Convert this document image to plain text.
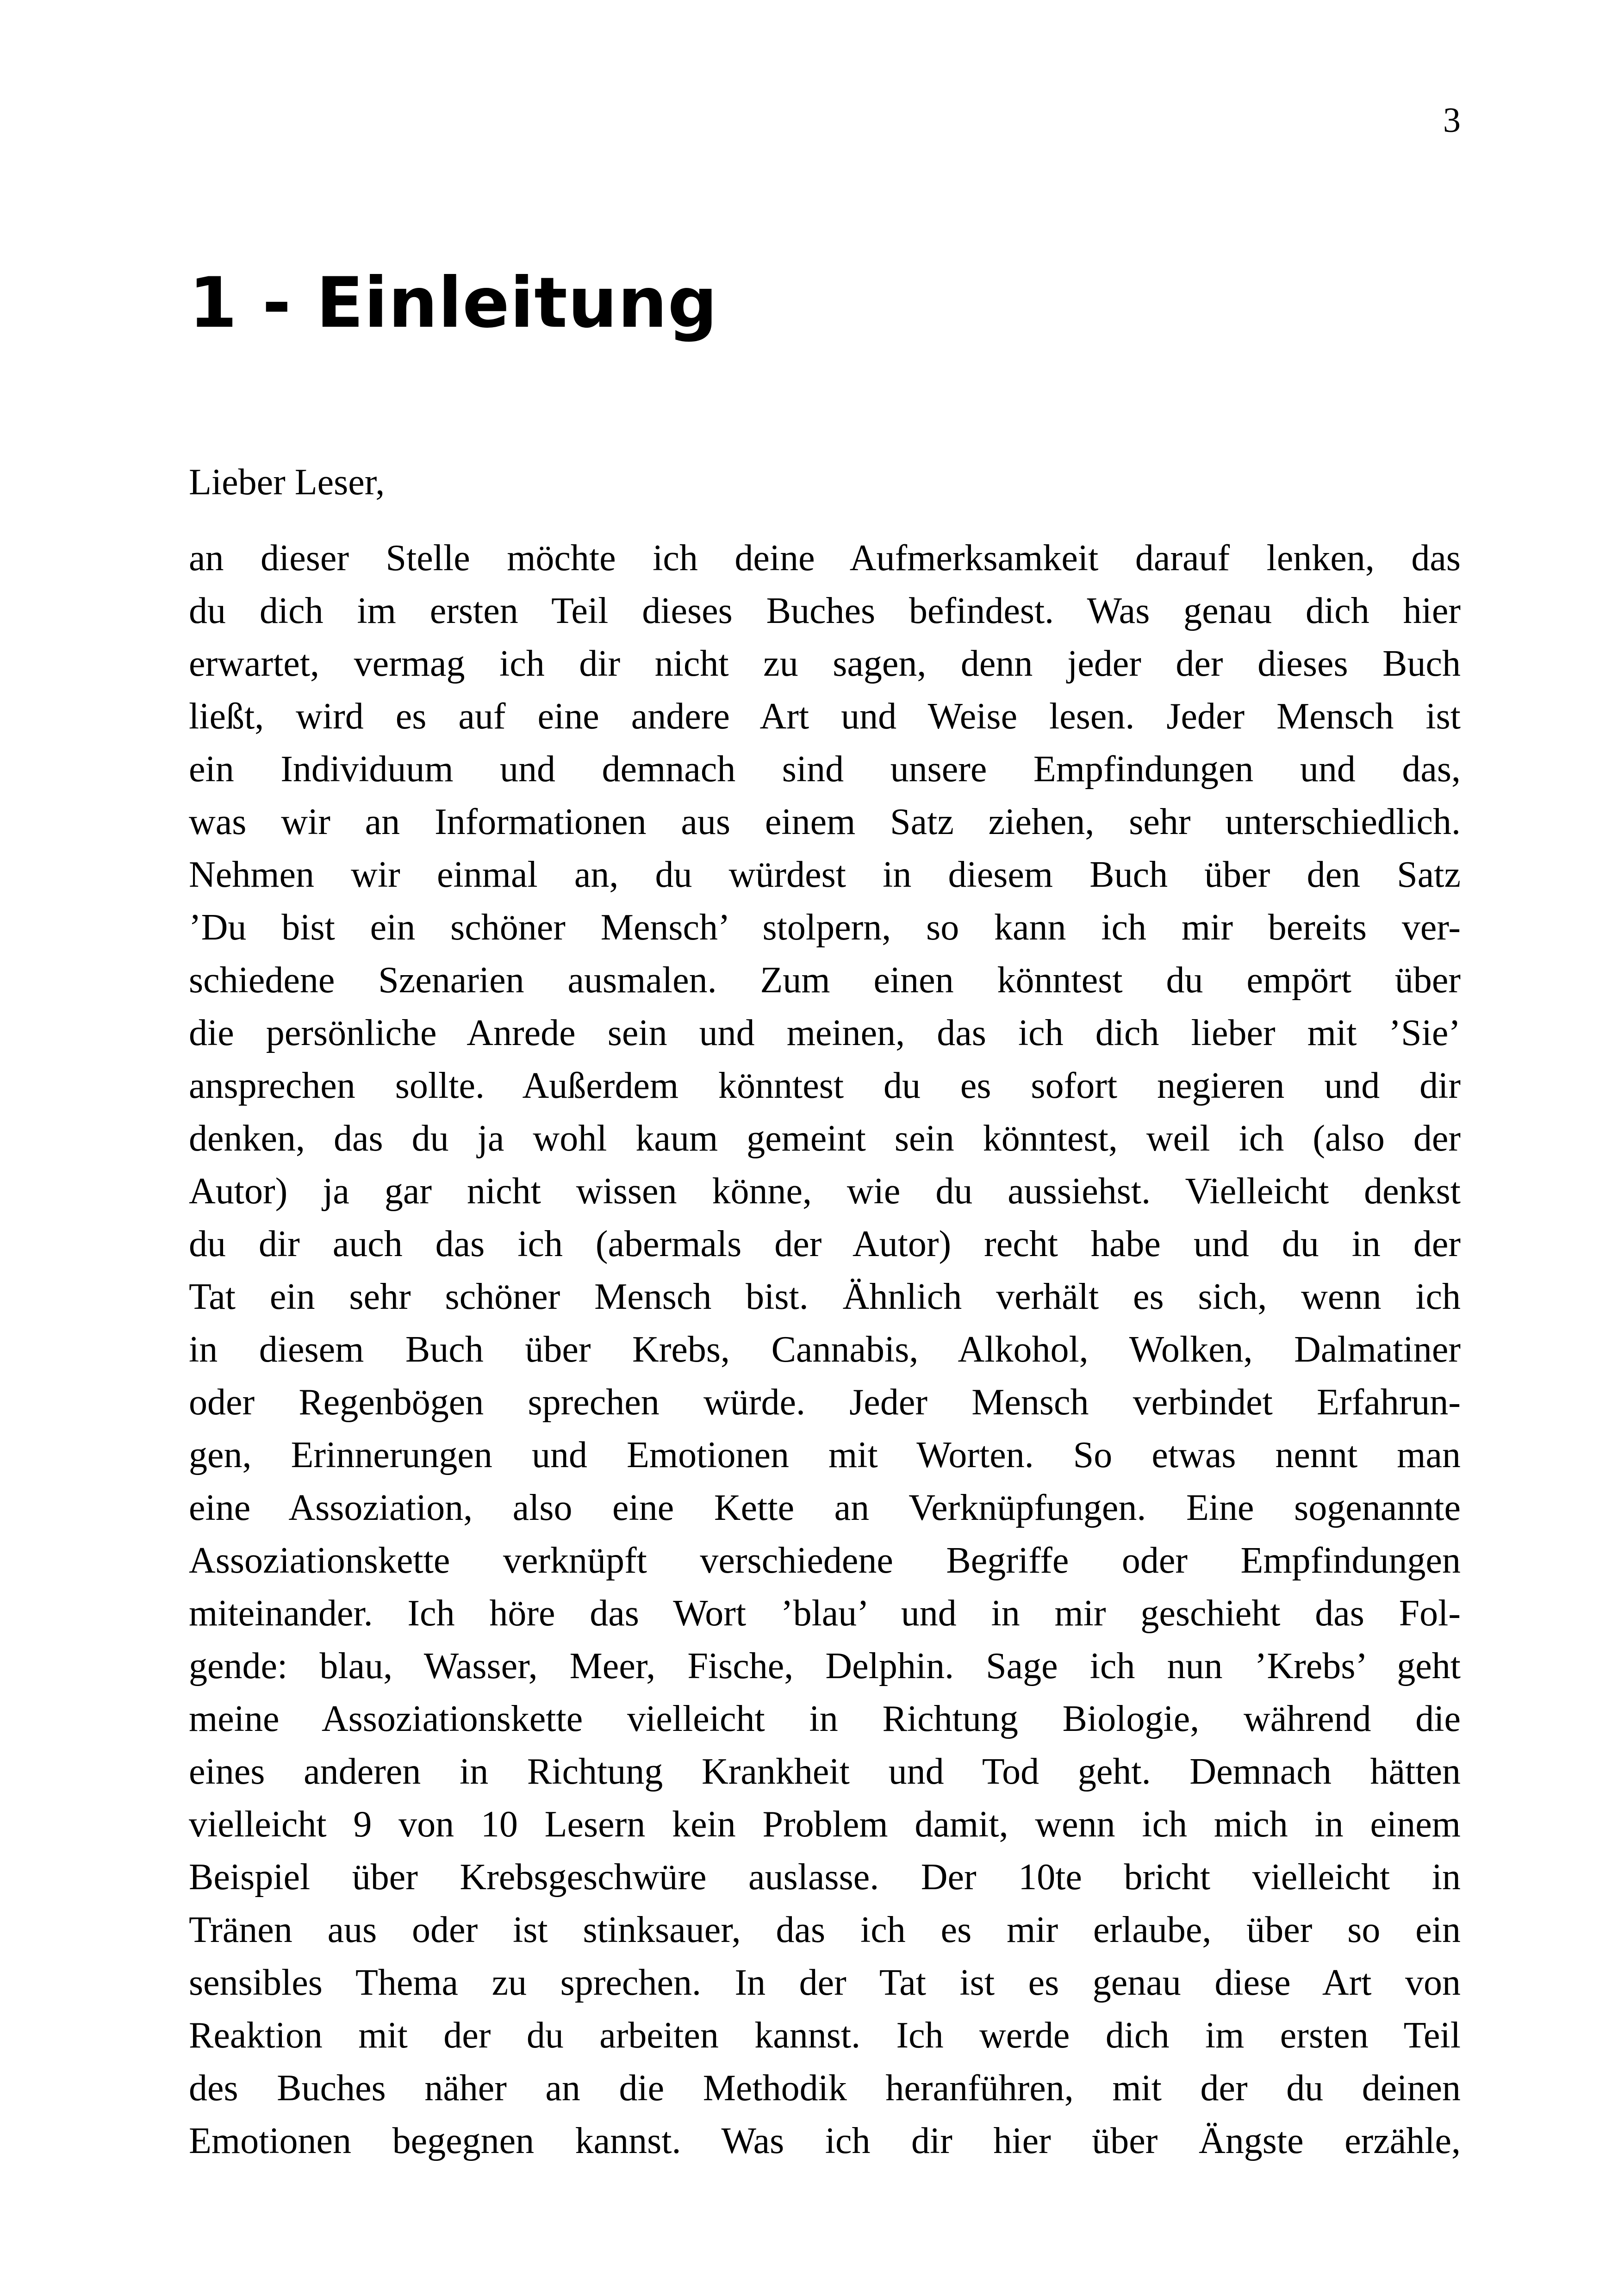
3
1 - Einleitung
Lieber Leser,
an dieser Stelle möchte ich deine Aufmerksamkeit darauf lenken, das
du dich im ersten Teil dieses Buches befindest. Was genau dich hier
erwartet, vermag ich dir nicht zu sagen, denn jeder der dieses Buch
ließt, wird es auf eine andere Art und Weise lesen. Jeder Mensch ist
ein Individuum und demnach sind unsere Empfindungen und das,
was wir an Informationen aus einem Satz ziehen, sehr unterschiedlich.
Nehmen wir einmal an, du würdest in diesem Buch über den Satz
’Du bist ein schöner Mensch’ stolpern, so kann ich mir bereits ver-
schiedene Szenarien ausmalen. Zum einen könntest du empört über
die persönliche Anrede sein und meinen, das ich dich lieber mit ’Sie’
ansprechen sollte. Außerdem könntest du es sofort negieren und dir
denken, das du ja wohl kaum gemeint sein könntest, weil ich (also der
Autor) ja gar nicht wissen könne, wie du aussiehst. Vielleicht denkst
du dir auch das ich (abermals der Autor) recht habe und du in der
Tat ein sehr schöner Mensch bist. Ähnlich verhält es sich, wenn ich
in diesem Buch über Krebs, Cannabis, Alkohol, Wolken, Dalmatiner
oder Regenbögen sprechen würde. Jeder Mensch verbindet Erfahrun-
gen, Erinnerungen und Emotionen mit Worten. So etwas nennt man
eine Assoziation, also eine Kette an Verknüpfungen. Eine sogenannte
Assoziationskette verknüpft verschiedene Begriffe oder Empfindungen
miteinander. Ich höre das Wort ’blau’ und in mir geschieht das Fol-
gende: blau, Wasser, Meer, Fische, Delphin. Sage ich nun ’Krebs’ geht
meine Assoziationskette vielleicht in Richtung Biologie, während die
eines anderen in Richtung Krankheit und Tod geht. Demnach hätten
vielleicht 9 von 10 Lesern kein Problem damit, wenn ich mich in einem
Beispiel über Krebsgeschwüre auslasse. Der 10te bricht vielleicht in
Tränen aus oder ist stinksauer, das ich es mir erlaube, über so ein
sensibles Thema zu sprechen. In der Tat ist es genau diese Art von
Reaktion mit der du arbeiten kannst. Ich werde dich im ersten Teil
des Buches näher an die Methodik heranführen, mit der du deinen
Emotionen begegnen kannst. Was ich dir hier über Ängste erzähle,
